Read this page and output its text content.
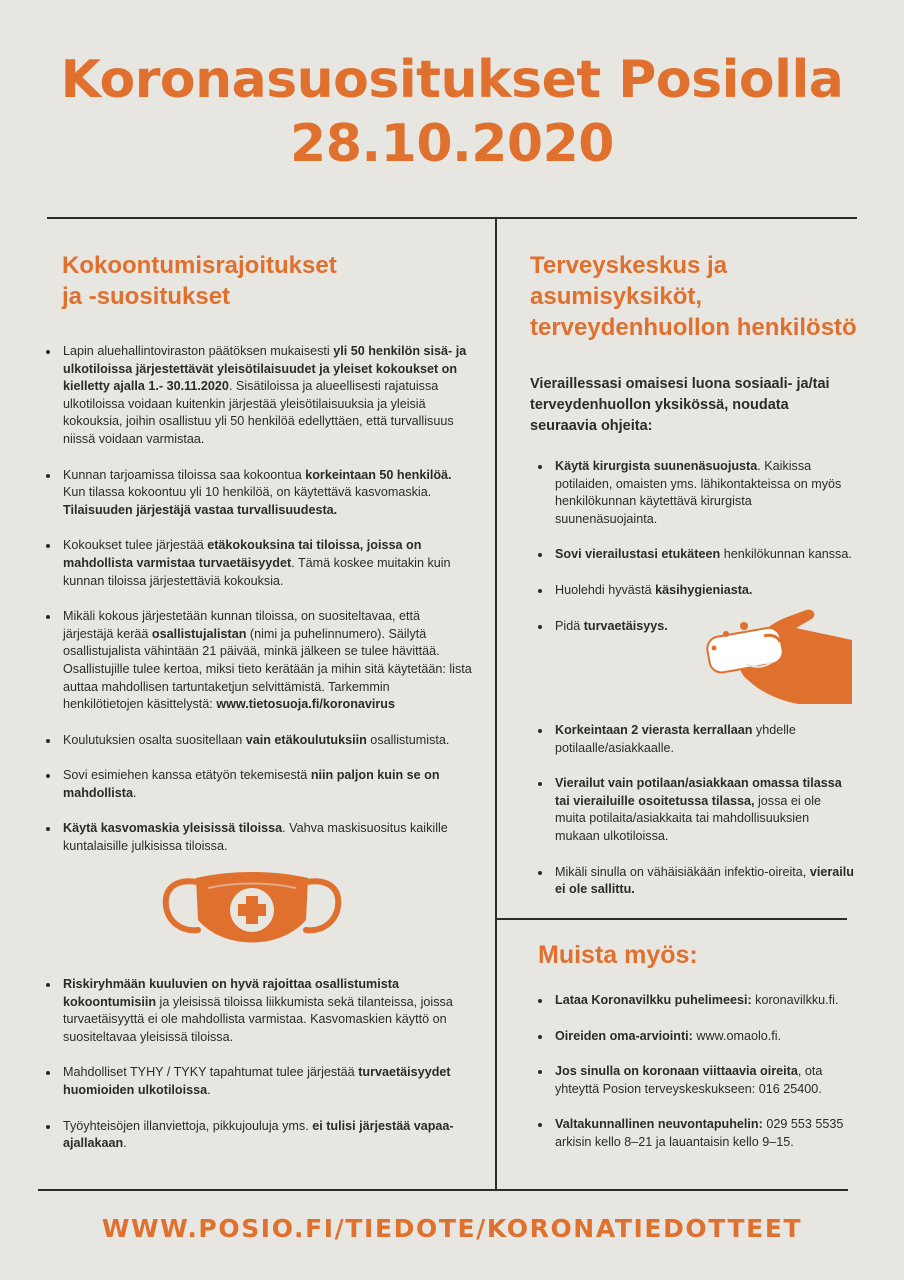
Koronasuositukset Posiolla
28.10.2020
Kokoontumisrajoitukset
ja -suositukset
Lapin aluehallintoviraston päätöksen mukaisesti yli 50 henkilön sisä- ja ulkotiloissa järjestettävät yleisötilaisuudet ja yleiset kokoukset on kielletty ajalla 1.- 30.11.2020. Sisätiloissa ja alueellisesti rajatuissa ulkotiloissa voidaan kuitenkin järjestää yleisötilaisuuksia ja yleisiä kokouksia, joihin osallistuu yli 50 henkilöä edellyttäen, että turvallisuus niissä voidaan varmistaa.
Kunnan tarjoamissa tiloissa saa kokoontua korkeintaan 50 henkilöä. Kun tilassa kokoontuu yli 10 henkilöä, on käytettävä kasvomaskia. Tilaisuuden järjestäjä vastaa turvallisuudesta.
Kokoukset tulee järjestää etäkokouksina tai tiloissa, joissa on mahdollista varmistaa turvaetäisyydet. Tämä koskee muitakin kuin kunnan tiloissa järjestettäviä kokouksia.
Mikäli kokous järjestetään kunnan tiloissa, on suositeltavaa, että järjestäjä kerää osallistujalistan (nimi ja puhelinnumero). Säilytä osallistujalista vähintään 21 päivää, minkä jälkeen se tulee hävittää. Osallistujille tulee kertoa, miksi tieto kerätään ja mihin sitä käytetään: lista auttaa mahdollisen tartuntaketjun selvittämistä. Tarkemmin henkilötietojen käsittelystä: www.tietosuoja.fi/koronavirus
Koulutuksien osalta suositellaan vain etäkoulutuksiin osallistumista.
Sovi esimiehen kanssa etätyön tekemisestä niin paljon kuin se on mahdollista.
Käytä kasvomaskia yleisissä tiloissa. Vahva maskisuositus kaikille kuntalaisille julkisissa tiloissa.
Riskiryhmään kuuluvien on hyvä rajoittaa osallistumista kokoontumisiin ja yleisissä tiloissa liikkumista sekä tilanteissa, joissa turvaetäisyyttä ei ole mahdollista varmistaa. Kasvomaskien käyttö on suositeltavaa yleisissä tiloissa.
Mahdolliset TYHY / TYKY tapahtumat tulee järjestää turvaetäisyydet huomioiden ulkotiloissa.
Työyhteisöjen illanviettoja, pikkujouluja yms. ei tulisi järjestää vapaa-ajallakaan.
Terveyskeskus ja
asumisyksiköt,
terveydenhuollon henkilöstö
Vieraillessasi omaisesi luona sosiaali- ja/tai
terveydenhuollon yksikössä, noudata
seuraavia ohjeita:
Käytä kirurgista suunenäsuojusta. Kaikissa potilaiden, omaisten yms. lähikontakteissa on myös henkilökunnan käytettävä kirurgista suunenäsuojainta.
Sovi vierailustasi etukäteen henkilökunnan kanssa.
Huolehdi hyvästä käsihygieniasta.
Pidä turvaetäisyys.
Korkeintaan 2 vierasta kerrallaan yhdelle potilaalle/asiakkaalle.
Vierailut vain potilaan/asiakkaan omassa tilassa tai vierailuille osoitetussa tilassa, jossa ei ole muita potilaita/asiakkaita tai mahdollisuuksien mukaan ulkotiloissa.
Mikäli sinulla on vähäisiäkään infektio-oireita, vierailu ei ole sallittu.
Muista myös:
Lataa Koronavilkku puhelimeesi: koronavilkku.fi.
Oireiden oma-arviointi: www.omaolo.fi.
Jos sinulla on koronaan viittaavia oireita, ota yhteyttä Posion terveyskeskukseen: 016 25400.
Valtakunnallinen neuvontapuhelin: 029 553 5535 arkisin kello 8–21 ja lauantaisin kello 9–15.
WWW.POSIO.FI/TIEDOTE/KORONATIEDOTTEET
